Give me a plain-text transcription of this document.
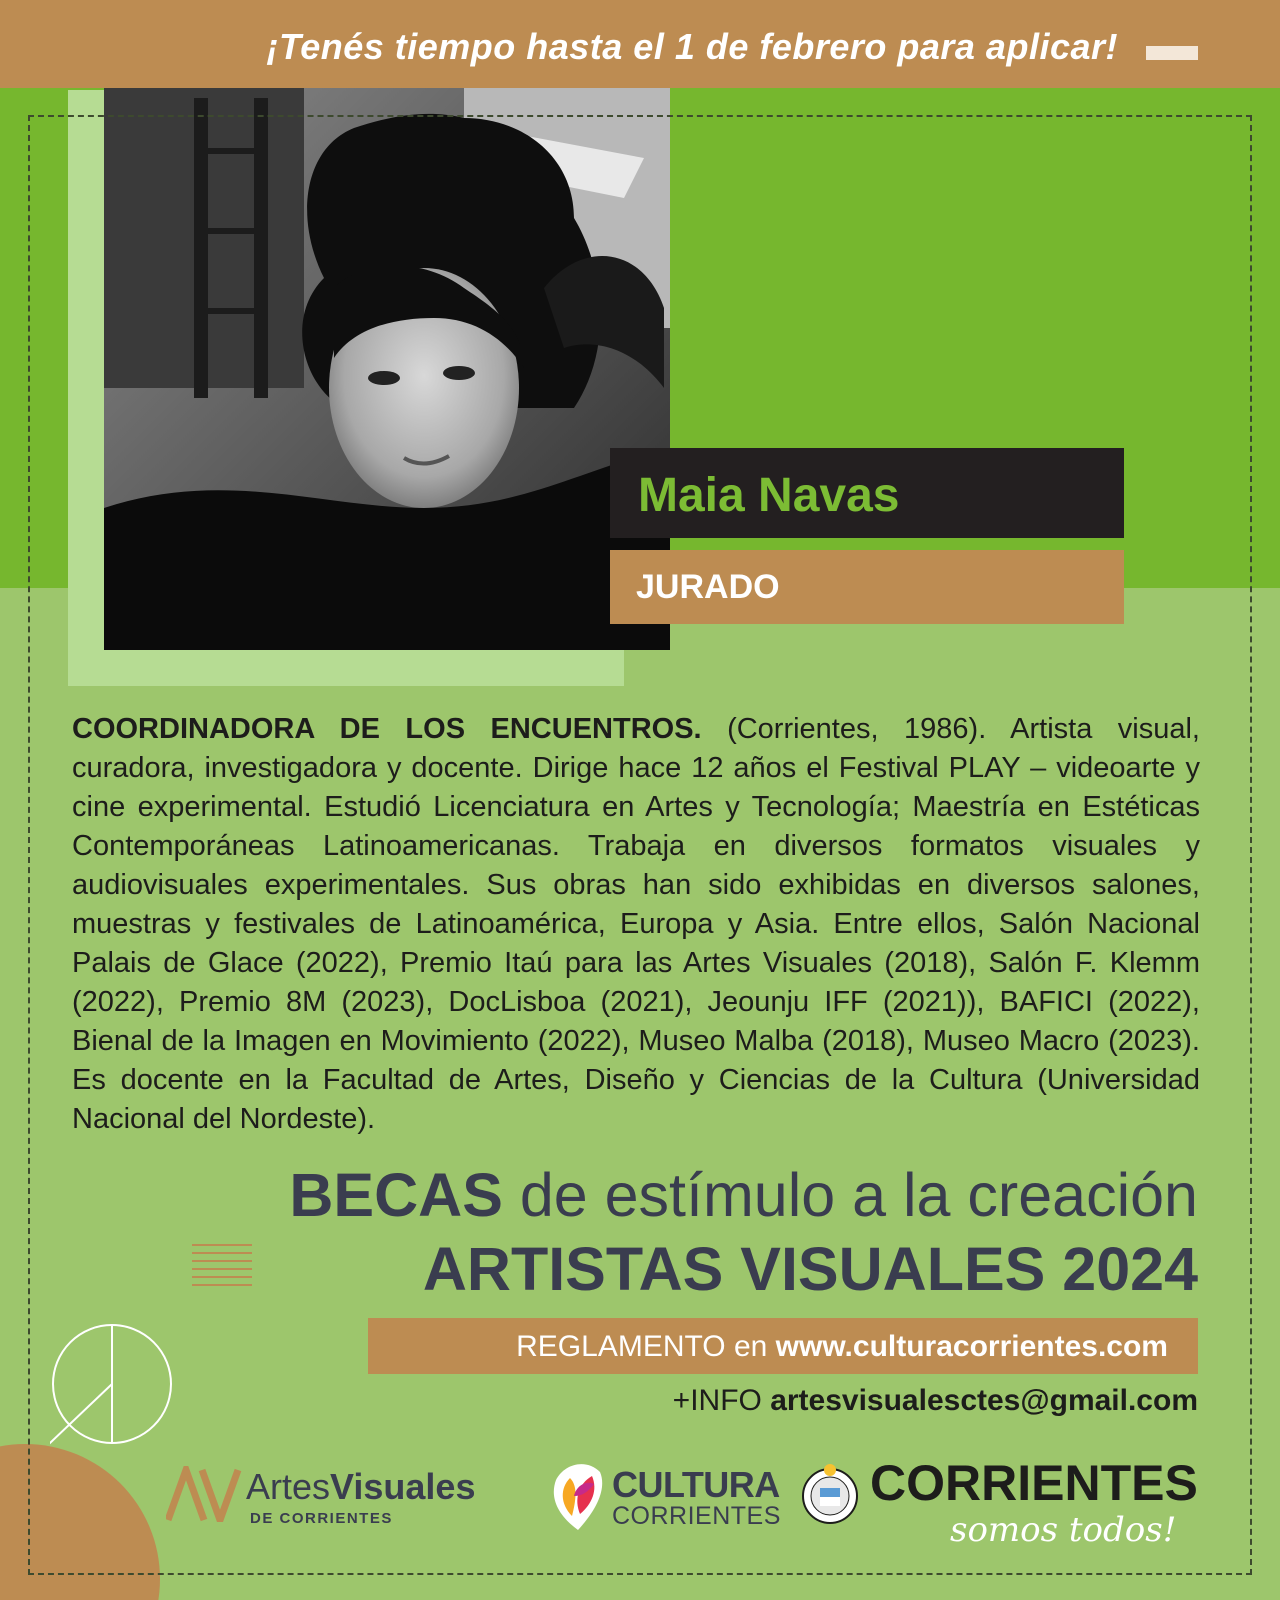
¡Tenés tiempo hasta el 1 de febrero para aplicar!
Maia Navas
JURADO

COORDINADORA DE LOS ENCUENTROS. (Corrientes, 1986). Artista visual, curadora, investigadora y docente. Dirige hace 12 años el Festival PLAY – videoarte y cine experimental. Estudió Licenciatura en Artes y Tecnología; Maestría en Estéticas Contemporáneas Latinoamericanas. Trabaja en diversos formatos visuales y audiovisuales experimentales. Sus obras han sido exhibidas en diversos salones, muestras y festivales de Latinoamérica, Europa y Asia. Entre ellos, Salón Nacional Palais de Glace (2022), Premio Itaú para las Artes Visuales (2018), Salón F. Klemm (2022), Premio 8M (2023), DocLisboa (2021), Jeounju IFF (2021)), BAFICI (2022), Bienal de la Imagen en Movimiento (2022), Museo Malba (2018), Museo Macro (2023). Es docente en la Facultad de Artes, Diseño y Ciencias de la Cultura (Universidad Nacional del Nordeste).

BECAS de estímulo a la creación
ARTISTAS VISUALES 2024
REGLAMENTO en www.culturacorrientes.com
+INFO artesvisualesctes@gmail.com
ArtesVisuales
DE CORRIENTES
CULTURA
CORRIENTES
CORRIENTES
somos todos!
